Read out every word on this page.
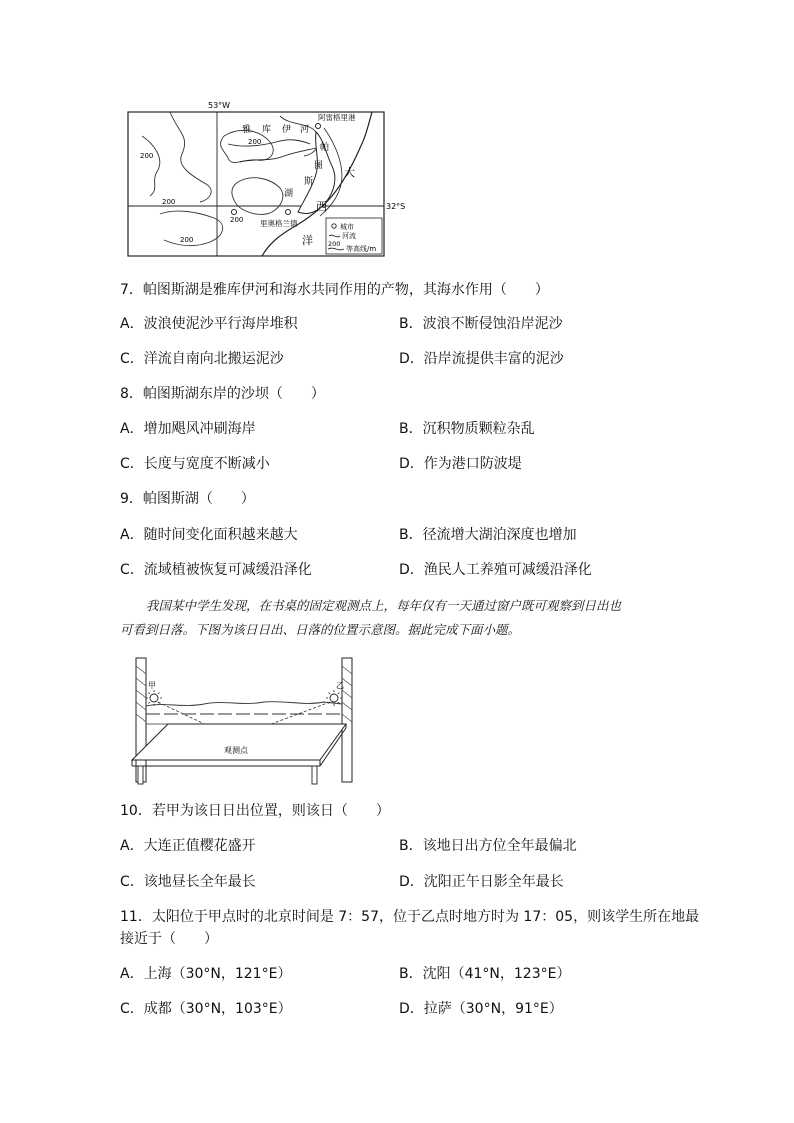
53°W
32°S
阿雷格里港
里奥格兰德
雅 库 伊 河
帕
图
斯
湖
大
西
洋
200
200
200
200
200
城市
河流
200
等高线/m
7．帕图斯湖是雅库伊河和海水共同作用的产物，其海水作用（　　）
A．波浪使泥沙平行海岸堆积	B．波浪不断侵蚀沿岸泥沙
C．洋流自南向北搬运泥沙	D．沿岸流提供丰富的泥沙
8．帕图斯湖东岸的沙坝（　　）
A．增加飓风冲刷海岸	B．沉积物质颗粒杂乱
C．长度与宽度不断减小	D．作为港口防波堤
9．帕图斯湖（　　）
A．随时间变化面积越来越大	B．径流增大湖泊深度也增加
C．流域植被恢复可减缓沿泽化	D．渔民人工养殖可减缓沿泽化
我国某中学生发现，在书桌的固定观测点上，每年仅有一天通过窗户既可观察到日出也
可看到日落。下图为该日日出、日落的位置示意图。据此完成下面小题。
甲	乙
观测点
10．若甲为该日日出位置，则该日（　　）
A．大连正值樱花盛开	B．该地日出方位全年最偏北
C．该地昼长全年最长	D．沈阳正午日影全年最长
11．太阳位于甲点时的北京时间是 7：57，位于乙点时地方时为 17：05，则该学生所在地最
接近于（　　）
A．上海（30°N，121°E）	B．沈阳（41°N，123°E）
C．成都（30°N，103°E）	D．拉萨（30°N，91°E）
